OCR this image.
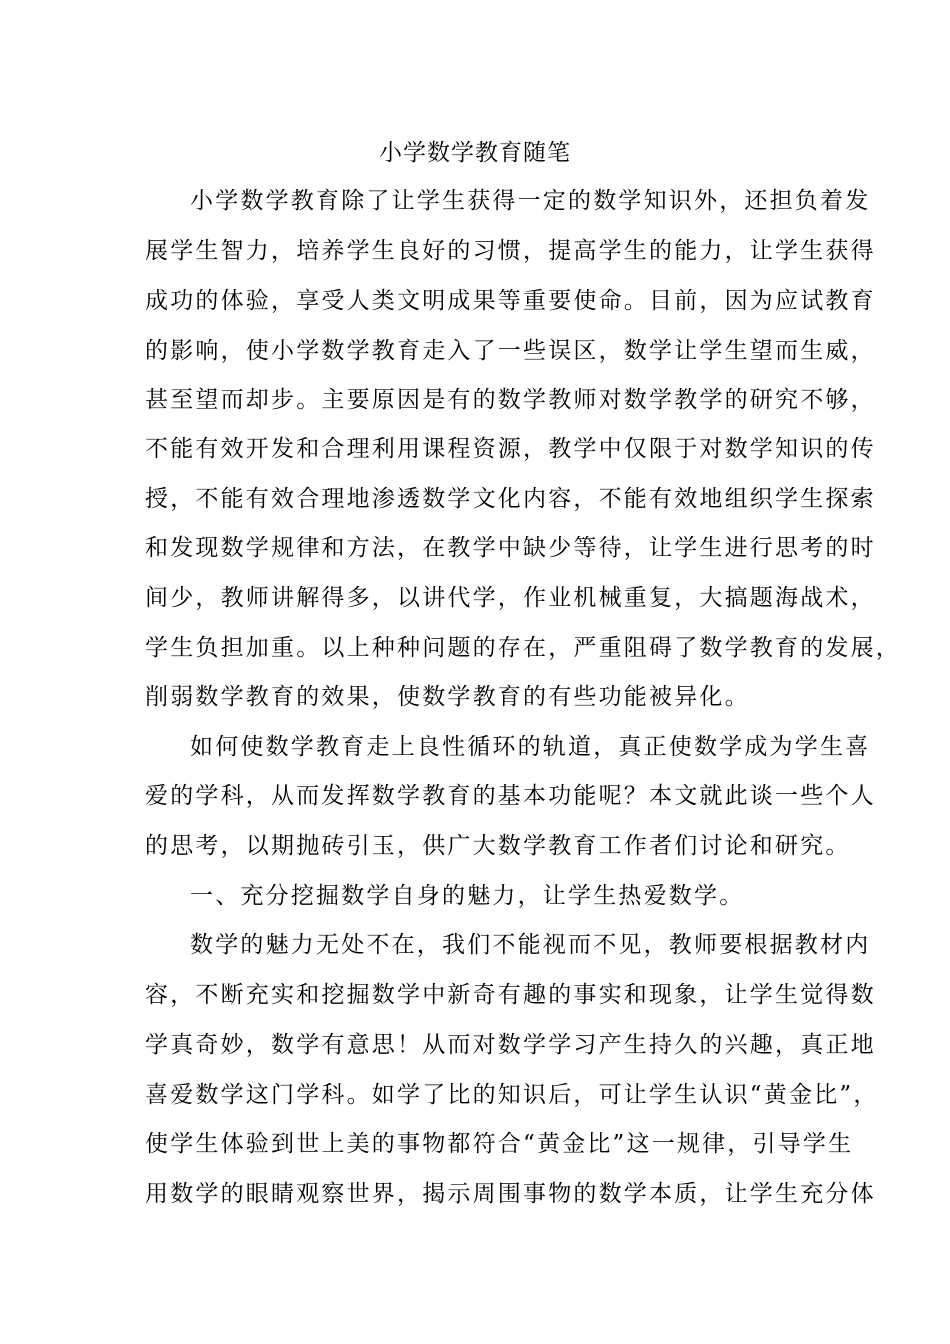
小学数学教育随笔
小学数学教育除了让学生获得一定的数学知识外，还担负着发
展学生智力，培养学生良好的习惯，提高学生的能力，让学生获得
成功的体验，享受人类文明成果等重要使命。目前，因为应试教育
的影响，使小学数学教育走入了一些误区，数学让学生望而生威，
甚至望而却步。主要原因是有的数学教师对数学教学的研究不够，
不能有效开发和合理利用课程资源，教学中仅限于对数学知识的传
授，不能有效合理地渗透数学文化内容，不能有效地组织学生探索
和发现数学规律和方法，在教学中缺少等待，让学生进行思考的时
间少，教师讲解得多，以讲代学，作业机械重复，大搞题海战术，
学生负担加重。以上种种问题的存在，严重阻碍了数学教育的发展，
削弱数学教育的效果，使数学教育的有些功能被异化。
如何使数学教育走上良性循环的轨道，真正使数学成为学生喜
爱的学科，从而发挥数学教育的基本功能呢？本文就此谈一些个人
的思考，以期抛砖引玉，供广大数学教育工作者们讨论和研究。
一、充分挖掘数学自身的魅力，让学生热爱数学。
数学的魅力无处不在，我们不能视而不见，教师要根据教材内
容，不断充实和挖掘数学中新奇有趣的事实和现象，让学生觉得数
学真奇妙，数学有意思！从而对数学学习产生持久的兴趣，真正地
喜爱数学这门学科。如学了比的知识后，可让学生认识“黄金比”，
使学生体验到世上美的事物都符合“黄金比”这一规律，引导学生
用数学的眼睛观察世界，揭示周围事物的数学本质，让学生充分体
